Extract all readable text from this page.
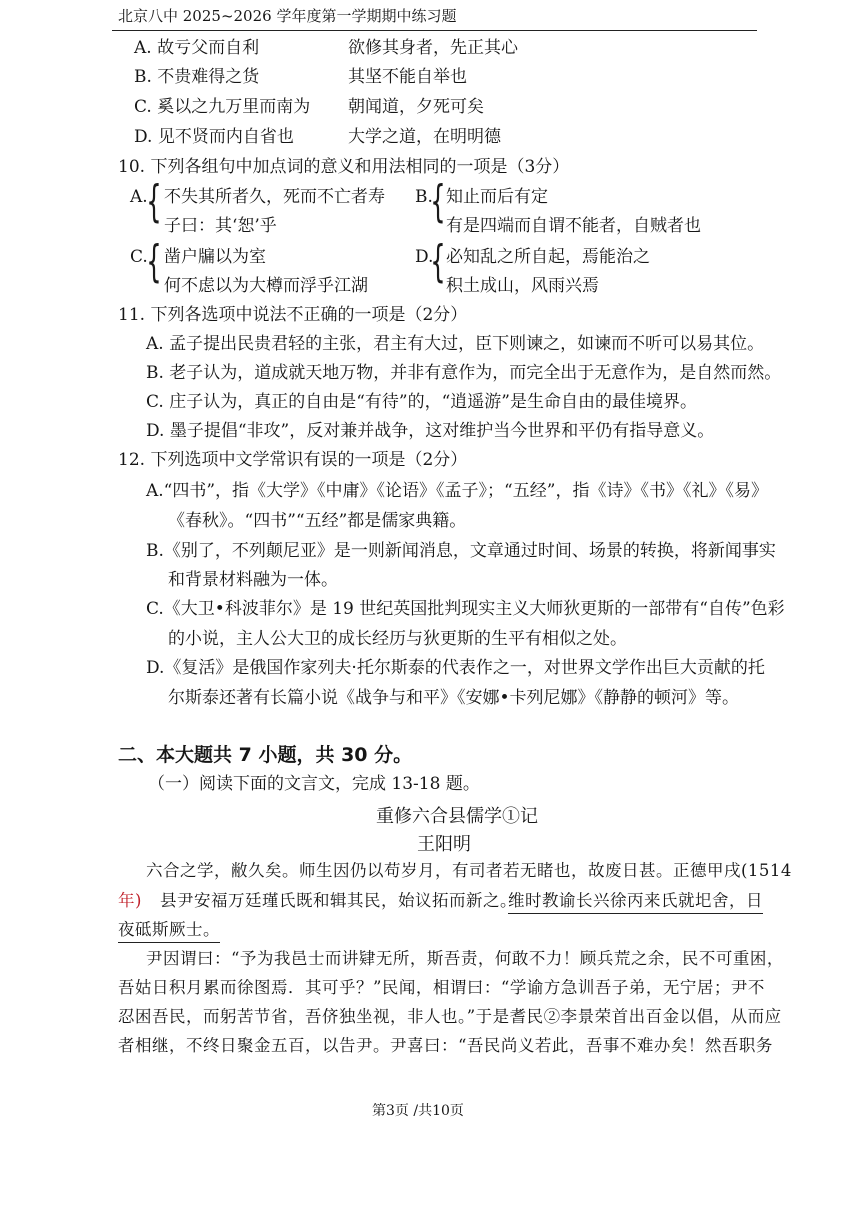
北京八中 2025~2026 学年度第一学期期中练习题
A. 故亏父而自利	欲修其身者，先正其心
B. 不贵难得之货	其坚不能自举也
C. 奚以之九万里而南为 朝闻道，夕死可矣
D. 见不贤而内自省也	大学之道，在明明德
10. 下列各组句中加点词的意义和用法相同的一项是（3分）
A.
{ 不失其所者久，死而不亡者寿
子曰：其‘恕’乎
B.
{ 知止而后有定
有是四端而自谓不能者，自贼者也
C.
{ 凿户牖以为室
何不虑以为大樽而浮乎江湖
D.
{ 必知乱之所自起，焉能治之
积土成山，风雨兴焉
11. 下列各选项中说法不正确的一项是（2分）
A. 孟子提出民贵君轻的主张，君主有大过，臣下则谏之，如谏而不听可以易其位。
B. 老子认为，道成就天地万物，并非有意作为，而完全出于无意作为，是自然而然。
C. 庄子认为，真正的自由是“有待”的，“逍遥游”是生命自由的最佳境界。
D. 墨子提倡“非攻”，反对兼并战争，这对维护当今世界和平仍有指导意义。
12. 下列选项中文学常识有误的一项是（2分）
A.“四书”，指《大学》《中庸》《论语》《孟子》；“五经”，指《诗》《书》《礼》《易》
《春秋》。“四书”“五经”都是儒家典籍。
B.《别了，不列颠尼亚》是一则新闻消息，文章通过时间、场景的转换，将新闻事实
和背景材料融为一体。
C.《大卫•科波菲尔》是 19 世纪英国批判现实主义大师狄更斯的一部带有“自传”色彩
的小说，主人公大卫的成长经历与狄更斯的生平有相似之处。
D.《复活》是俄国作家列夫·托尔斯泰的代表作之一，对世界文学作出巨大贡献的托
尔斯泰还著有长篇小说《战争与和平》《安娜•卡列尼娜》《静静的顿河》等。
二、本大题共 7 小题，共 30 分。
（一）阅读下面的文言文，完成 13-18 题。
重修六合县儒学①记
王阳明
六合之学，敝久矣。师生因仍以苟岁月，有司者若无睹也，故废日甚。正德甲戌(1514
年) 县尹安福万廷瑾氏既和辑其民，始议拓而新之。
维时教谕长兴徐丙来氏就圯舍，日
夜砥斯厥士。
尹因谓曰：“予为我邑士而讲肄无所，斯吾责，何敢不力！顾兵荒之余，民不可重困，
吾姑日积月累而徐图焉．其可乎？”民闻，相谓曰：“学谕方急训吾子弟，无宁居；尹不
忍困吾民，而躬苦节省，吾侪独坐视，非人也。”于是耆民②李景荣首出百金以倡，从而应
者相继，不终日聚金五百，以告尹。尹喜曰：“吾民尚义若此，吾事不难办矣！然吾职务
第3页 /共10页
